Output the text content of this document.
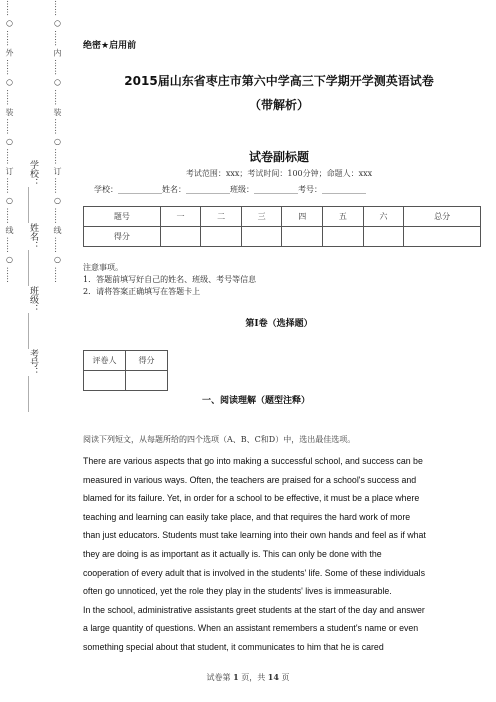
…… ○ …… 外 …… ○ …… 装 …… ○ …… 订 …… ○ …… 线 …… ○ ……
学校：________姓名：________班级：________考号：________
…… ○ …… 内 …… ○ …… 装 …… ○ …… 订 …… ○ …… 线 …… ○ …… 绝密★启用前
2015届山东省枣庄市第六中学高三下学期开学测英语试卷
（带解析）
试卷副标题
考试范围：xxx；考试时间：100分钟；命题人：xxx
学校：___________姓名：___________班级：___________考号：___________
题号	一	二	三	四	五	六	总分
得分							
注意事项。
1．答题前填写好自己的姓名、班级、考号等信息
2．请将答案正确填写在答题卡上
第I卷（选择题）
评卷人	得分

一、阅读理解（题型注释）
阅读下列短文，从每题所给的四个选项（A、B、C和D）中，选出最佳选项。

There are various aspects that go into making a successful school, and success can be measured in various ways. Often, the teachers are praised for a school's success and blamed for its failure. Yet, in order for a school to be effective, it must be a place where teaching and learning can easily take place, and that requires the hard work of more than just educators. Students must take learning into their own hands and feel as if what they are doing is as important as it actually is. This can only be done with the cooperation of every adult that is involved in the students' life. Some of these individuals often go unnoticed, yet the role they play in the students' lives is immeasurable.

In the school, administrative assistants greet students at the start of the day and answer a large quantity of questions. When an assistant remembers a student's name or even something special about that student, it communicates to him that he is cared

试卷第 1 页，共 14 页
